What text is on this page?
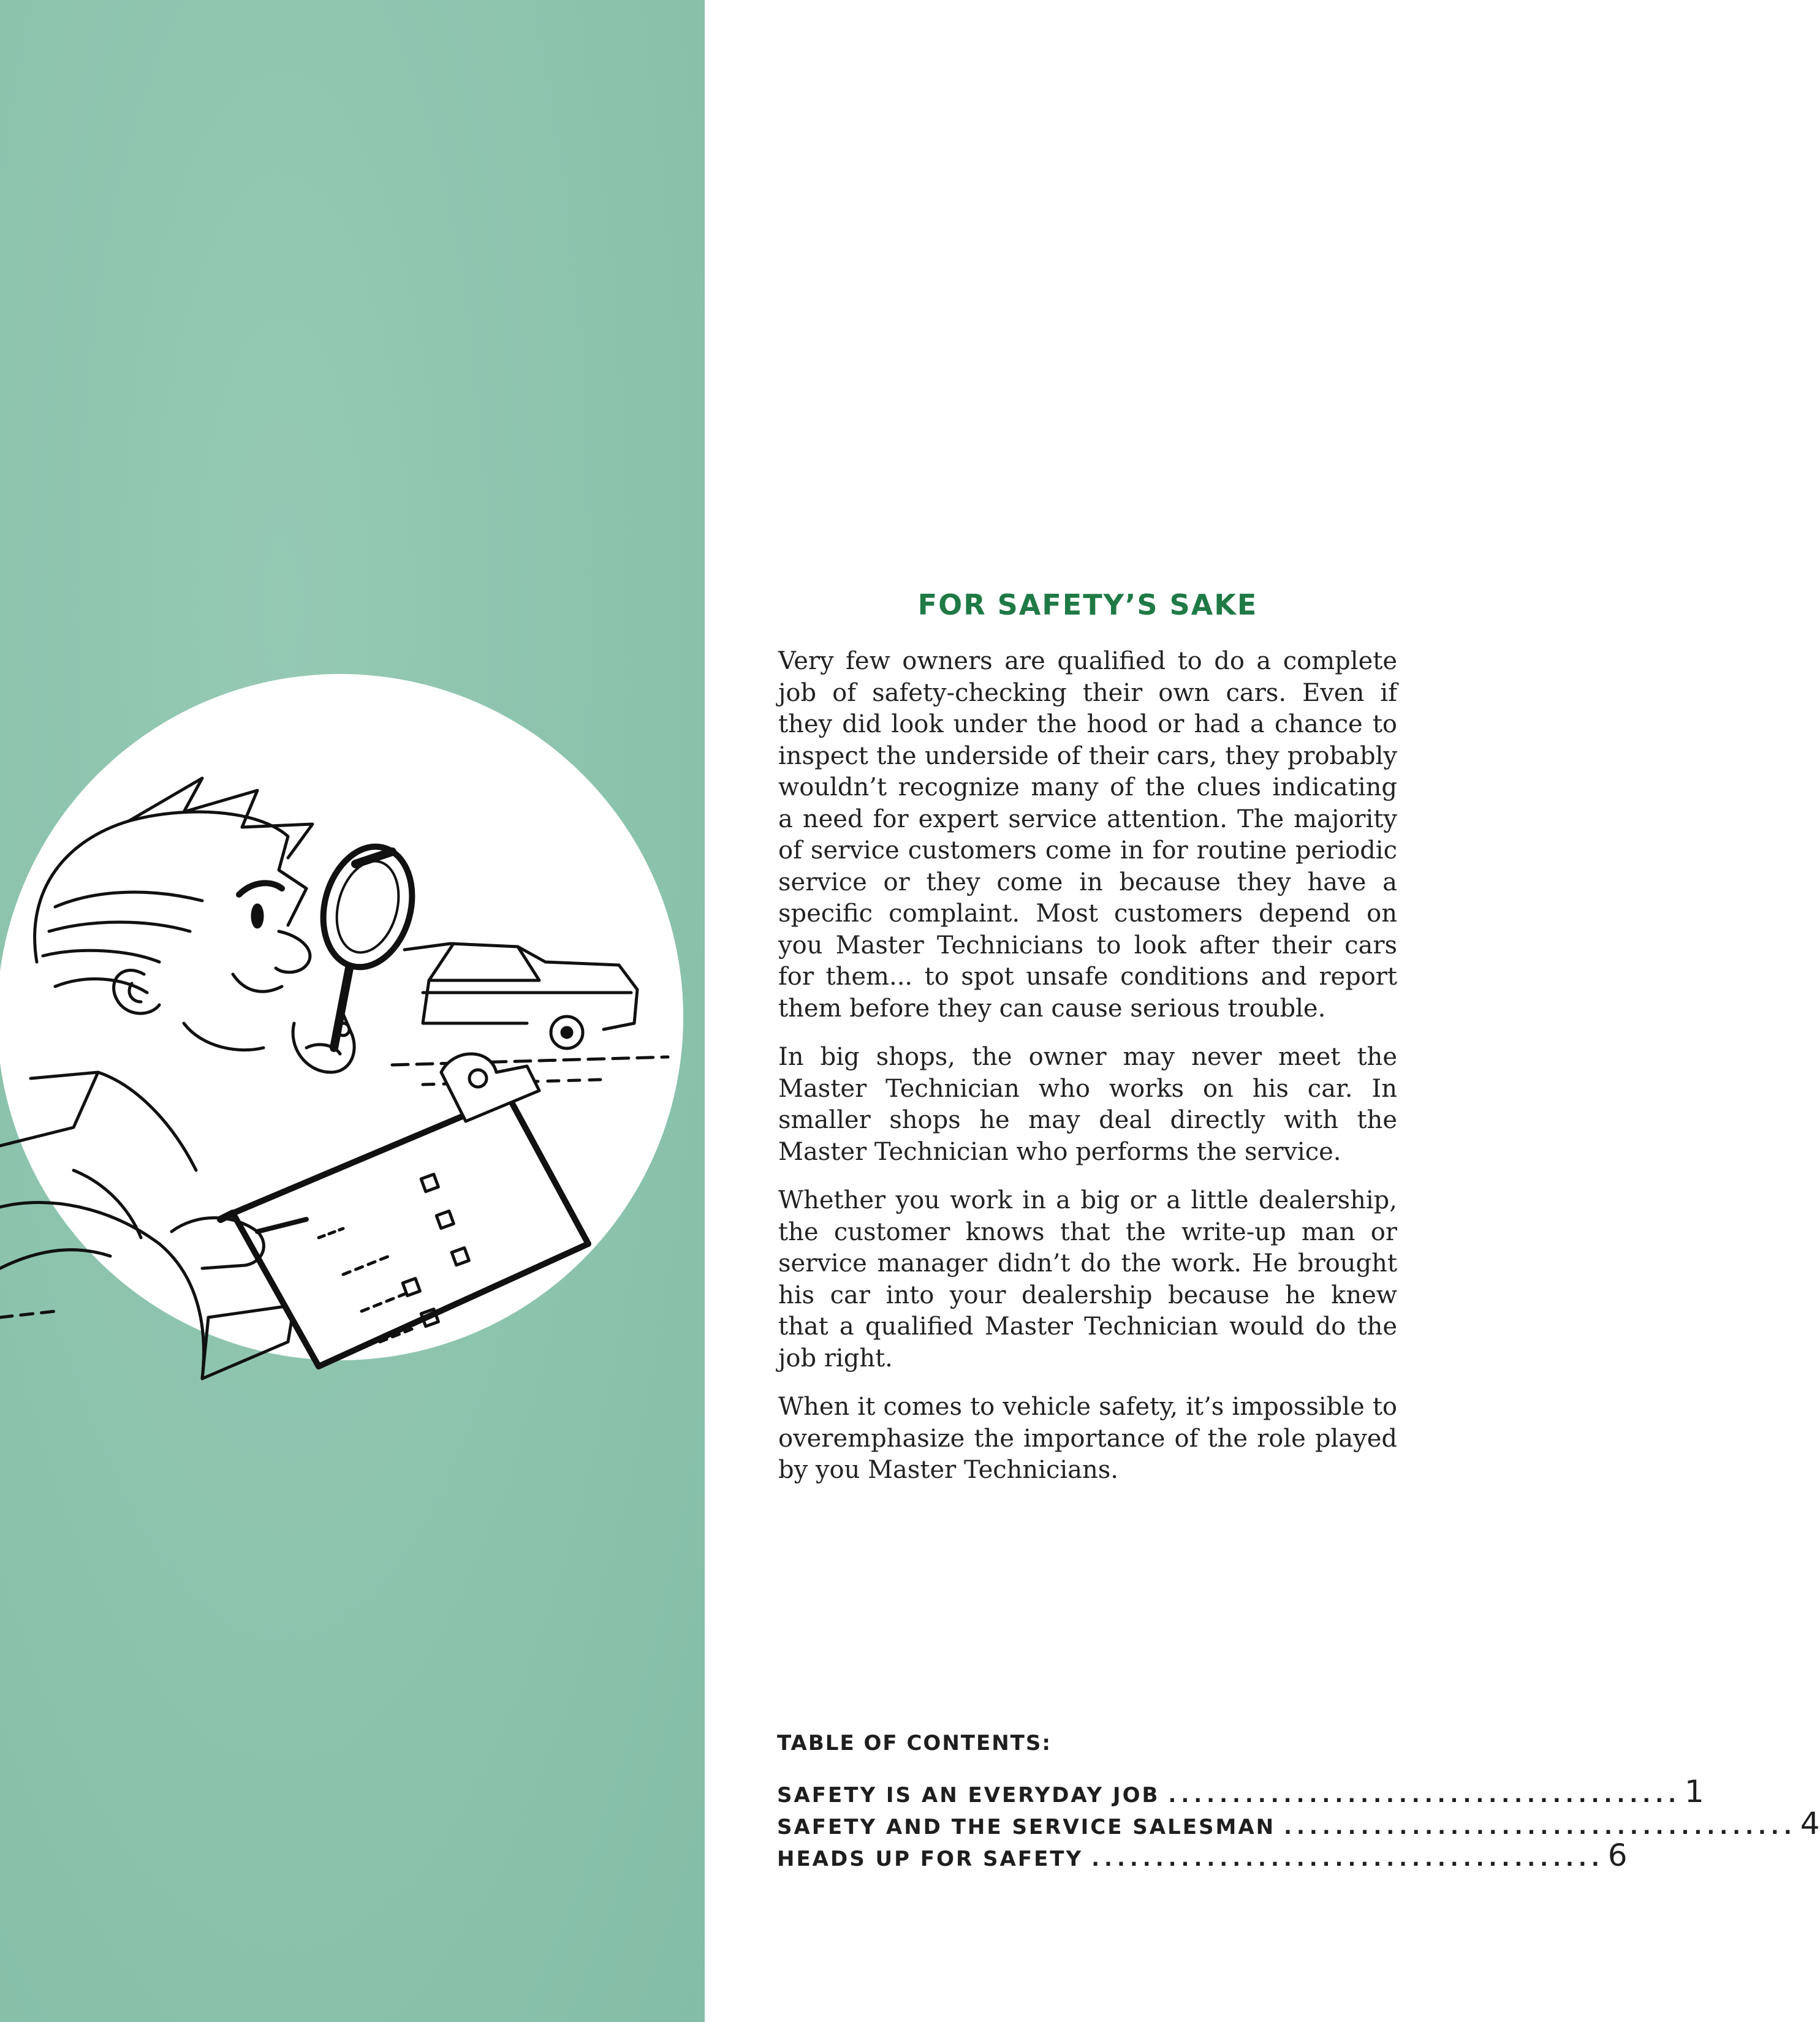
FOR SAFETY’S SAKE

Very few owners are qualified to do a complete job of safety-checking their own cars. Even if they did look under the hood or had a chance to inspect the underside of their cars, they probably wouldn’t recognize many of the clues indicating a need for expert service attention. The majority of service customers come in for routine periodic service or they come in because they have a specific complaint. Most customers depend on you Master Technicians to look after their cars for them... to spot unsafe conditions and report them before they can cause serious trouble.

In big shops, the owner may never meet the Master Technician who works on his car. In smaller shops he may deal directly with the Master Technician who performs the service.

Whether you work in a big or a little dealership, the customer knows that the write-up man or service manager didn’t do the work. He brought his car into your dealership because he knew that a qualified Master Technician would do the job right.

When it comes to vehicle safety, it’s impossible to overemphasize the importance of the role played by you Master Technicians.

TABLE OF CONTENTS:
SAFETY IS AN EVERYDAY JOB ........................................ 1
SAFETY AND THE SERVICE SALESMAN ........................................ 4
HEADS UP FOR SAFETY ........................................ 6
